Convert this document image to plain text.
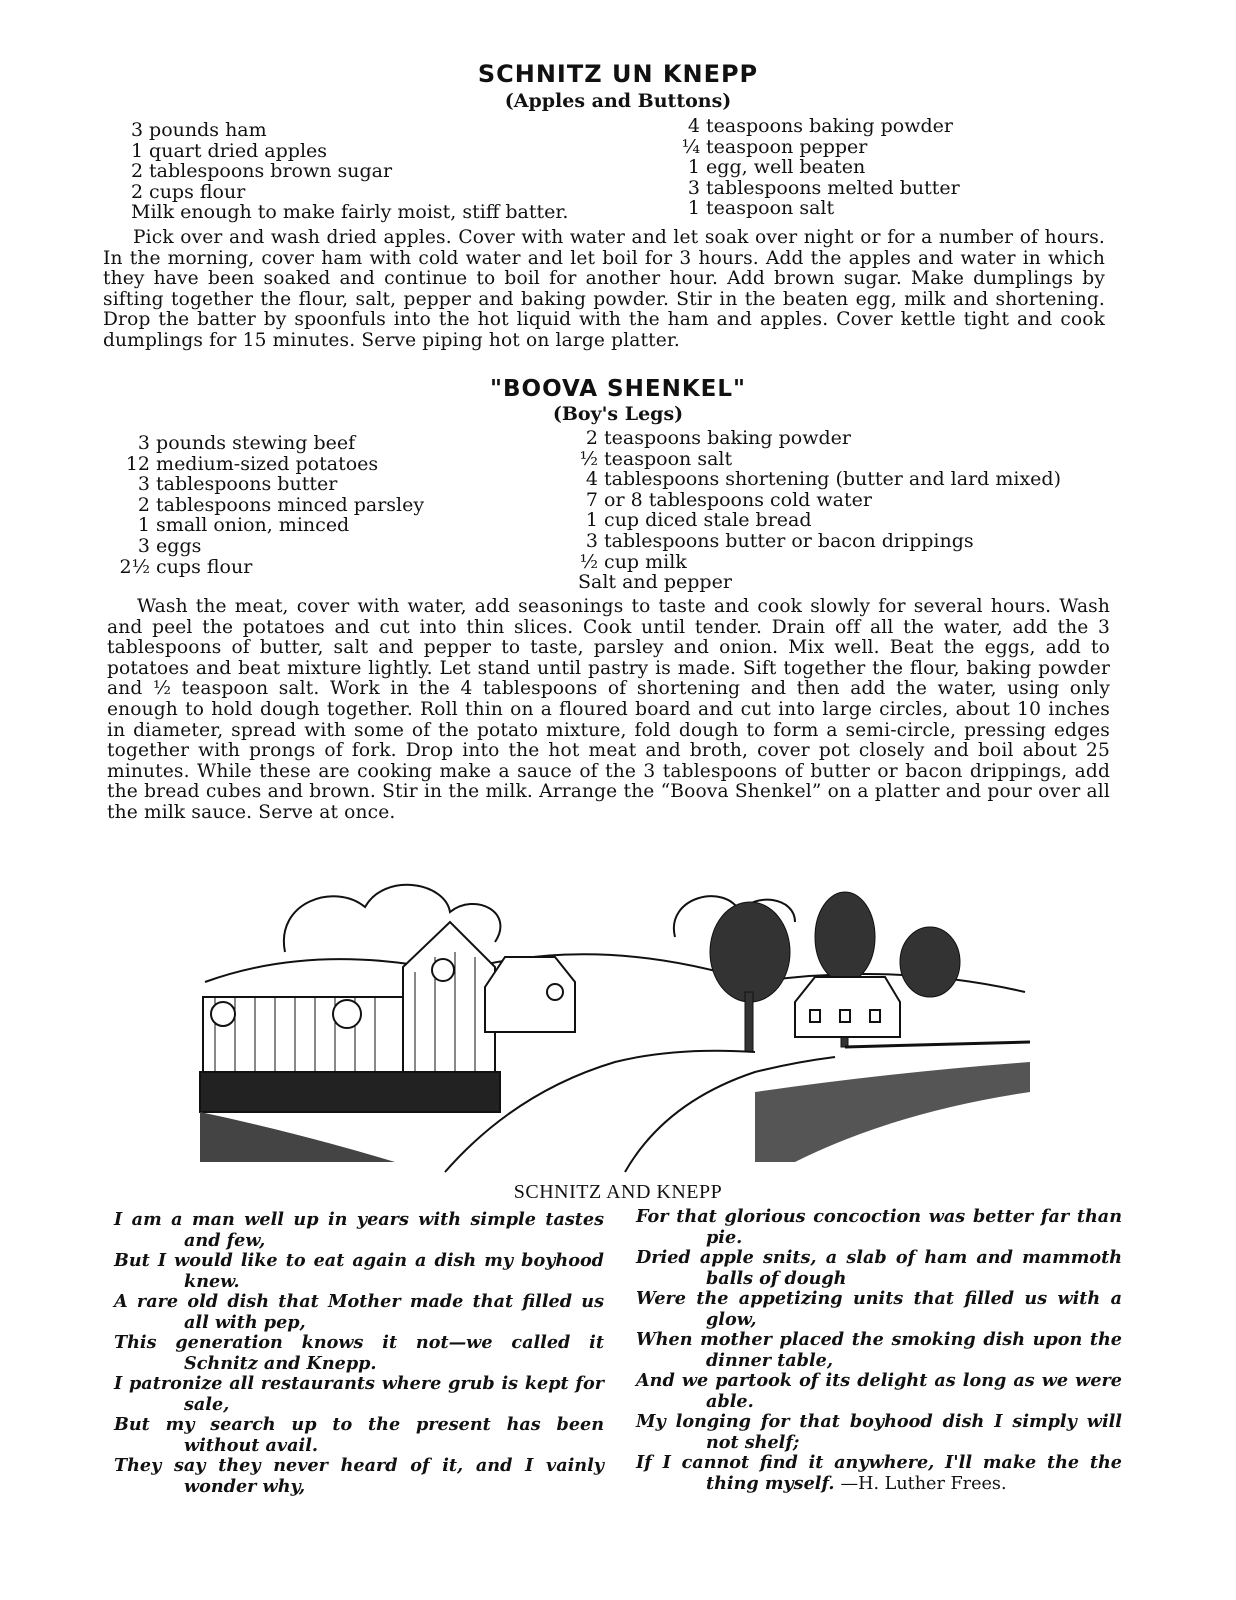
SCHNITZ UN KNEPP
(Apples and Buttons)
3 pounds ham
1 quart dried apples
2 tablespoons brown sugar
2 cups flour
Milk enough to make fairly moist, stiff batter.
4 teaspoons baking powder
¼ teaspoon pepper
1 egg, well beaten
3 tablespoons melted butter
1 teaspoon salt
Pick over and wash dried apples. Cover with water and let soak over night or for a number of hours. In the morning, cover ham with cold water and let boil for 3 hours. Add the apples and water in which they have been soaked and continue to boil for another hour. Add brown sugar. Make dumplings by sifting together the flour, salt, pepper and baking powder. Stir in the beaten egg, milk and shortening. Drop the batter by spoonfuls into the hot liquid with the ham and apples. Cover kettle tight and cook dumplings for 15 minutes. Serve piping hot on large platter.
"BOOVA SHENKEL"
(Boy's Legs)
3 pounds stewing beef
12 medium-sized potatoes
3 tablespoons butter
2 tablespoons minced parsley
1 small onion, minced
3 eggs
2½ cups flour
2 teaspoons baking powder
½ teaspoon salt
4 tablespoons shortening (butter and lard mixed)
7 or 8 tablespoons cold water
1 cup diced stale bread
3 tablespoons butter or bacon drippings
½ cup milk
Salt and pepper
Wash the meat, cover with water, add seasonings to taste and cook slowly for several hours. Wash and peel the potatoes and cut into thin slices. Cook until tender. Drain off all the water, add the 3 tablespoons of butter, salt and pepper to taste, parsley and onion. Mix well. Beat the eggs, add to potatoes and beat mixture lightly. Let stand until pastry is made. Sift together the flour, baking powder and ½ teaspoon salt. Work in the 4 tablespoons of shortening and then add the water, using only enough to hold dough together. Roll thin on a floured board and cut into large circles, about 10 inches in diameter, spread with some of the potato mixture, fold dough to form a semi-circle, pressing edges together with prongs of fork. Drop into the hot meat and broth, cover pot closely and boil about 25 minutes. While these are cooking make a sauce of the 3 tablespoons of butter or bacon drippings, add the bread cubes and brown. Stir in the milk. Arrange the “Boova Shenkel” on a platter and pour over all the milk sauce. Serve at once.
SCHNITZ AND KNEPP
I am a man well up in years with simple tastes and few,
But I would like to eat again a dish my boyhood knew.
A rare old dish that Mother made that filled us all with pep,
This generation knows it not—we called it Schnitz and Knepp.
I patronize all restaurants where grub is kept for sale,
But my search up to the present has been without avail.
They say they never heard of it, and I vainly wonder why,
For that glorious concoction was better far than pie.
Dried apple snits, a slab of ham and mammoth balls of dough
Were the appetizing units that filled us with a glow,
When mother placed the smoking dish upon the dinner table,
And we partook of its delight as long as we were able.
My longing for that boyhood dish I simply will not shelf;
If I cannot find it anywhere, I'll make the the thing myself. —H. Luther Frees.
